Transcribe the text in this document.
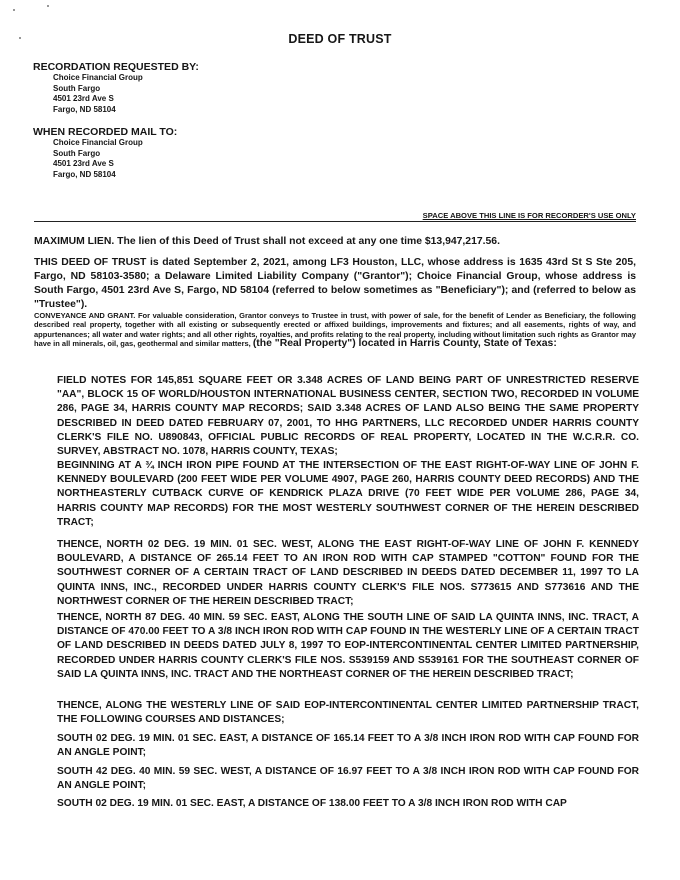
DEED OF TRUST
RECORDATION REQUESTED BY:
Choice Financial Group
South Fargo
4501 23rd Ave S
Fargo, ND 58104
WHEN RECORDED MAIL TO:
Choice Financial Group
South Fargo
4501 23rd Ave S
Fargo, ND 58104
SPACE ABOVE THIS LINE IS FOR RECORDER'S USE ONLY
MAXIMUM LIEN. The lien of this Deed of Trust shall not exceed at any one time $13,947,217.56.
THIS DEED OF TRUST is dated September 2, 2021, among LF3 Houston, LLC, whose address is 1635 43rd St S Ste 205, Fargo, ND 58103-3580; a Delaware Limited Liability Company ("Grantor"); Choice Financial Group, whose address is South Fargo, 4501 23rd Ave S, Fargo, ND 58104 (referred to below sometimes as "Beneficiary"); and (referred to below as "Trustee").
CONVEYANCE AND GRANT. For valuable consideration, Grantor conveys to Trustee in trust, with power of sale, for the benefit of Lender as Beneficiary, the following described real property, together with all existing or subsequently erected or affixed buildings, improvements and fixtures; and all easements, rights of way, and appurtenances; all water and water rights; and all other rights, royalties, and profits relating to the real property, including without limitation such rights as Grantor may have in all minerals, oil, gas, geothermal and similar matters, (the "Real Property") located in Harris County, State of Texas:
FIELD NOTES FOR 145,851 SQUARE FEET OR 3.348 ACRES OF LAND BEING PART OF UNRESTRICTED RESERVE "AA", BLOCK 15 OF WORLD/HOUSTON INTERNATIONAL BUSINESS CENTER, SECTION TWO, RECORDED IN VOLUME 286, PAGE 34, HARRIS COUNTY MAP RECORDS; SAID 3.348 ACRES OF LAND ALSO BEING THE SAME PROPERTY DESCRIBED IN DEED DATED FEBRUARY 07, 2001, TO HHG PARTNERS, LLC RECORDED UNDER HARRIS COUNTY CLERK'S FILE NO. U890843, OFFICIAL PUBLIC RECORDS OF REAL PROPERTY, LOCATED IN THE W.C.R.R. CO. SURVEY, ABSTRACT NO. 1078, HARRIS COUNTY, TEXAS;
BEGINNING AT A ¾ INCH IRON PIPE FOUND AT THE INTERSECTION OF THE EAST RIGHT-OF-WAY LINE OF JOHN F. KENNEDY BOULEVARD (200 FEET WIDE PER VOLUME 4907, PAGE 260, HARRIS COUNTY DEED RECORDS) AND THE NORTHEASTERLY CUTBACK CURVE OF KENDRICK PLAZA DRIVE (70 FEET WIDE PER VOLUME 286, PAGE 34, HARRIS COUNTY MAP RECORDS) FOR THE MOST WESTERLY SOUTHWEST CORNER OF THE HEREIN DESCRIBED TRACT;
THENCE, NORTH 02 DEG. 19 MIN. 01 SEC. WEST, ALONG THE EAST RIGHT-OF-WAY LINE OF JOHN F. KENNEDY BOULEVARD, A DISTANCE OF 265.14 FEET TO AN IRON ROD WITH CAP STAMPED "COTTON" FOUND FOR THE SOUTHWEST CORNER OF A CERTAIN TRACT OF LAND DESCRIBED IN DEEDS DATED DECEMBER 11, 1997 TO LA QUINTA INNS, INC., RECORDED UNDER HARRIS COUNTY CLERK'S FILE NOS. S773615 AND S773616 AND THE NORTHWEST CORNER OF THE HEREIN DESCRIBED TRACT;
THENCE, NORTH 87 DEG. 40 MIN. 59 SEC. EAST, ALONG THE SOUTH LINE OF SAID LA QUINTA INNS, INC. TRACT, A DISTANCE OF 470.00 FEET TO A 3/8 INCH IRON ROD WITH CAP FOUND IN THE WESTERLY LINE OF A CERTAIN TRACT OF LAND DESCRIBED IN DEEDS DATED JULY 8, 1997 TO EOP-INTERCONTINENTAL CENTER LIMITED PARTNERSHIP, RECORDED UNDER HARRIS COUNTY CLERK'S FILE NOS. S539159 AND S539161 FOR THE SOUTHEAST CORNER OF SAID LA QUINTA INNS, INC. TRACT AND THE NORTHEAST CORNER OF THE HEREIN DESCRIBED TRACT;
THENCE, ALONG THE WESTERLY LINE OF SAID EOP-INTERCONTINENTAL CENTER LIMITED PARTNERSHIP TRACT, THE FOLLOWING COURSES AND DISTANCES;
SOUTH 02 DEG. 19 MIN. 01 SEC. EAST, A DISTANCE OF 165.14 FEET TO A 3/8 INCH IRON ROD WITH CAP FOUND FOR AN ANGLE POINT;
SOUTH 42 DEG. 40 MIN. 59 SEC. WEST, A DISTANCE OF 16.97 FEET TO A 3/8 INCH IRON ROD WITH CAP FOUND FOR AN ANGLE POINT;
SOUTH 02 DEG. 19 MIN. 01 SEC. EAST, A DISTANCE OF 138.00 FEET TO A 3/8 INCH IRON ROD WITH CAP
